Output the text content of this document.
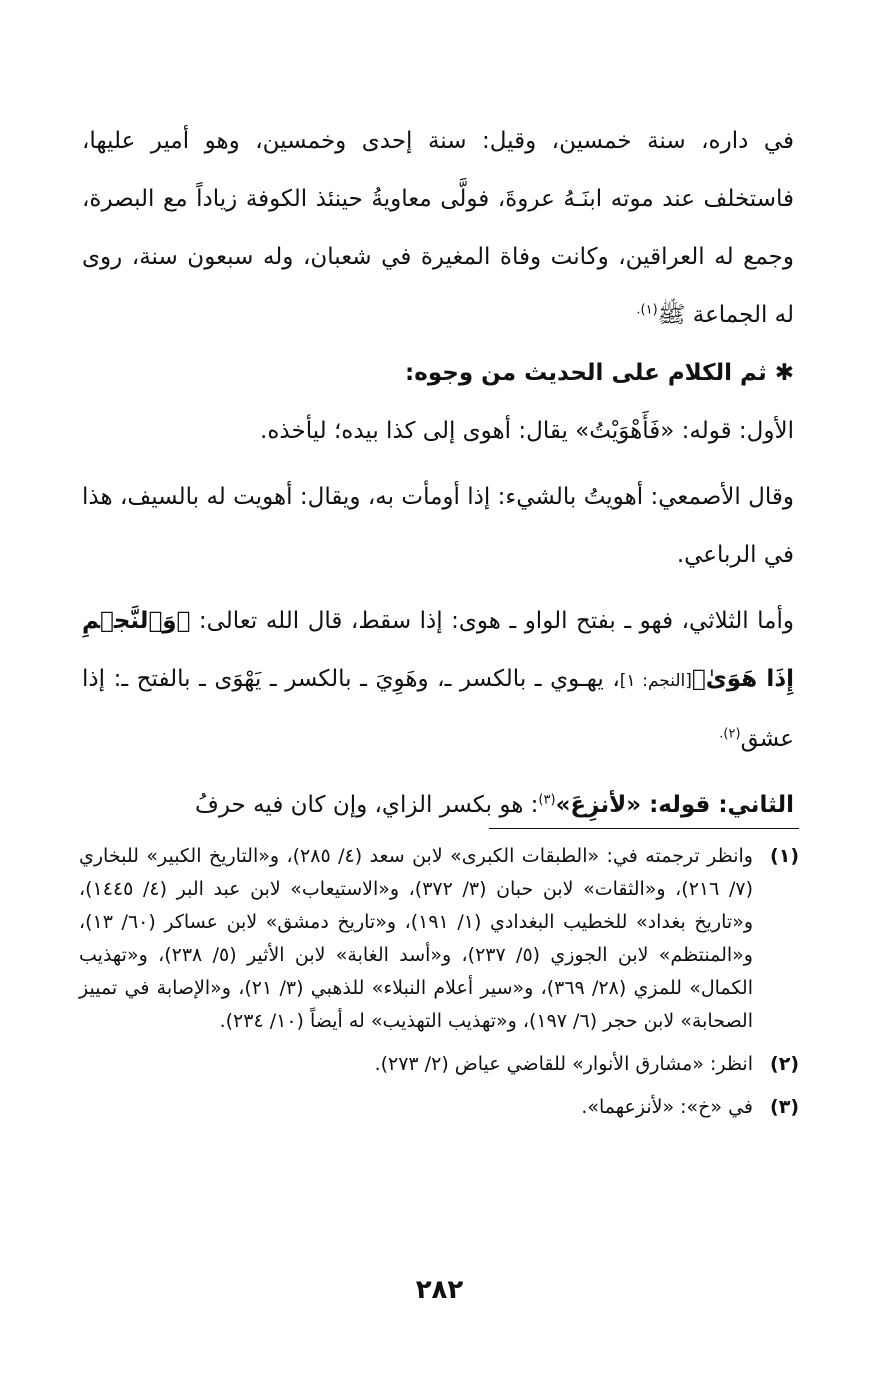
في داره، سنة خمسين، وقيل: سنة إحدى وخمسين، وهو أمير عليها، فاستخلف عند موته ابنَـهُ عروةَ، فولَّى معاويةُ حينئذ الكوفة زياداً مع البصرة، وجمع له العراقين، وكانت وفاة المغيرة في شعبان، وله سبعون سنة، روى له الجماعة ﷺ$^{(١).}$

✱ ثم الكلام على الحديث من وجوه:

الأول: قوله: «فَأَهْوَيْتُ» يقال: أهوى إلى كذا بيده؛ ليأخذه.

وقال الأصمعي: أهويتُ بالشيء: إذا أومأت به، ويقال: أهويت له بالسيف، هذا في الرباعي.

وأما الثلاثي، فهو ـ بفتح الواو ـ هوى: إذا سقط، قال الله تعالى: ﴿وَٱلنَّجۡمِ إِذَا هَوَىٰ﴾[النجم: ١]، يهـوي ـ بالكسر ـ، وهَوِيَ ـ بالكسر ـ يَهْوَى ـ بالفتح ـ: إذا عشق$^{(٢).}$

الثاني: قوله: «لأنزِعَ»$^{(٣)}$: هو بكسر الزاي، وإن كان فيه حرفُ

(١)
وانظر ترجمته في: «الطبقات الكبرى» لابن سعد (٤/ ٢٨٥)، و«التاريخ الكبير» للبخاري (٧/ ٢١٦)، و«الثقات» لابن حبان (٣/ ٣٧٢)، و«الاستيعاب» لابن عبد البر (٤/ ١٤٤٥)، و«تاريخ بغداد» للخطيب البغدادي (١/ ١٩١)، و«تاريخ دمشق» لابن عساكر (٦٠/ ١٣)، و«المنتظم» لابن الجوزي (٥/ ٢٣٧)، و«أسد الغابة» لابن الأثير (٥/ ٢٣٨)، و«تهذيب الكمال» للمزي (٢٨/ ٣٦٩)، و«سير أعلام النبلاء» للذهبي (٣/ ٢١)، و«الإصابة في تمييز الصحابة» لابن حجر (٦/ ١٩٧)، و«تهذيب التهذيب» له أيضاً (١٠/ ٢٣٤).
(٢)
انظر: «مشارق الأنوار» للقاضي عياض (٢/ ٢٧٣).
(٣)
في «خ»: «لأنزعهما».
٢٨٢
